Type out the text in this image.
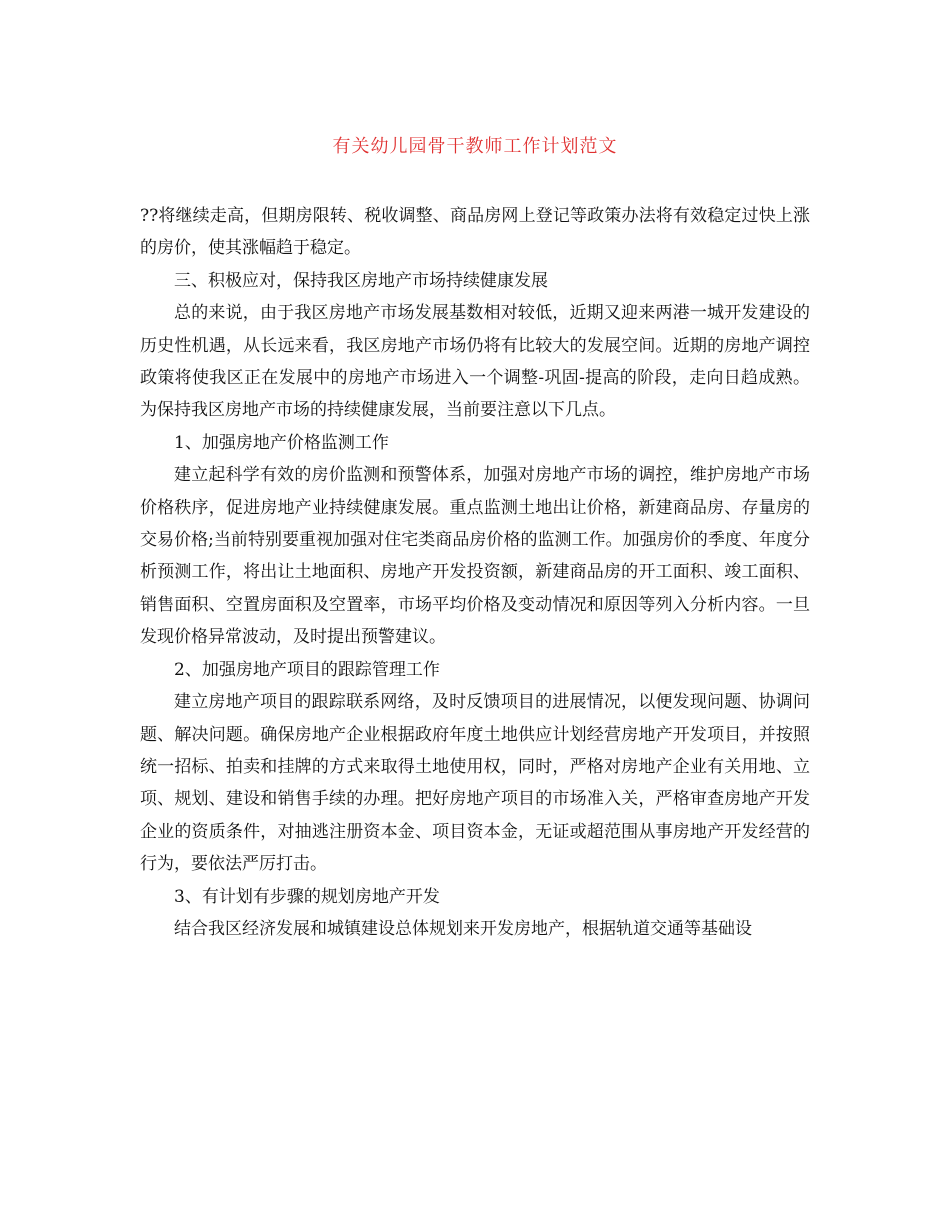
有关幼儿园骨干教师工作计划范文

??将继续走高，但期房限转、税收调整、商品房网上登记等政策办法将有效稳定过快上涨的房价，使其涨幅趋于稳定。

三、积极应对，保持我区房地产市场持续健康发展

总的来说，由于我区房地产市场发展基数相对较低，近期又迎来两港一城开发建设的历史性机遇，从长远来看，我区房地产市场仍将有比较大的发展空间。近期的房地产调控政策将使我区正在发展中的房地产市场进入一个调整-巩固-提高的阶段，走向日趋成熟。为保持我区房地产市场的持续健康发展，当前要注意以下几点。

1、加强房地产价格监测工作

建立起科学有效的房价监测和预警体系，加强对房地产市场的调控，维护房地产市场价格秩序，促进房地产业持续健康发展。重点监测土地出让价格，新建商品房、存量房的交易价格;当前特别要重视加强对住宅类商品房价格的监测工作。加强房价的季度、年度分析预测工作，将出让土地面积、房地产开发投资额，新建商品房的开工面积、竣工面积、销售面积、空置房面积及空置率，市场平均价格及变动情况和原因等列入分析内容。一旦发现价格异常波动，及时提出预警建议。

2、加强房地产项目的跟踪管理工作

建立房地产项目的跟踪联系网络，及时反馈项目的进展情况，以便发现问题、协调问题、解决问题。确保房地产企业根据政府年度土地供应计划经营房地产开发项目，并按照统一招标、拍卖和挂牌的方式来取得土地使用权，同时，严格对房地产企业有关用地、立项、规划、建设和销售手续的办理。把好房地产项目的市场准入关，严格审查房地产开发企业的资质条件，对抽逃注册资本金、项目资本金，无证或超范围从事房地产开发经营的行为，要依法严厉打击。

3、有计划有步骤的规划房地产开发

结合我区经济发展和城镇建设总体规划来开发房地产，根据轨道交通等基础设
